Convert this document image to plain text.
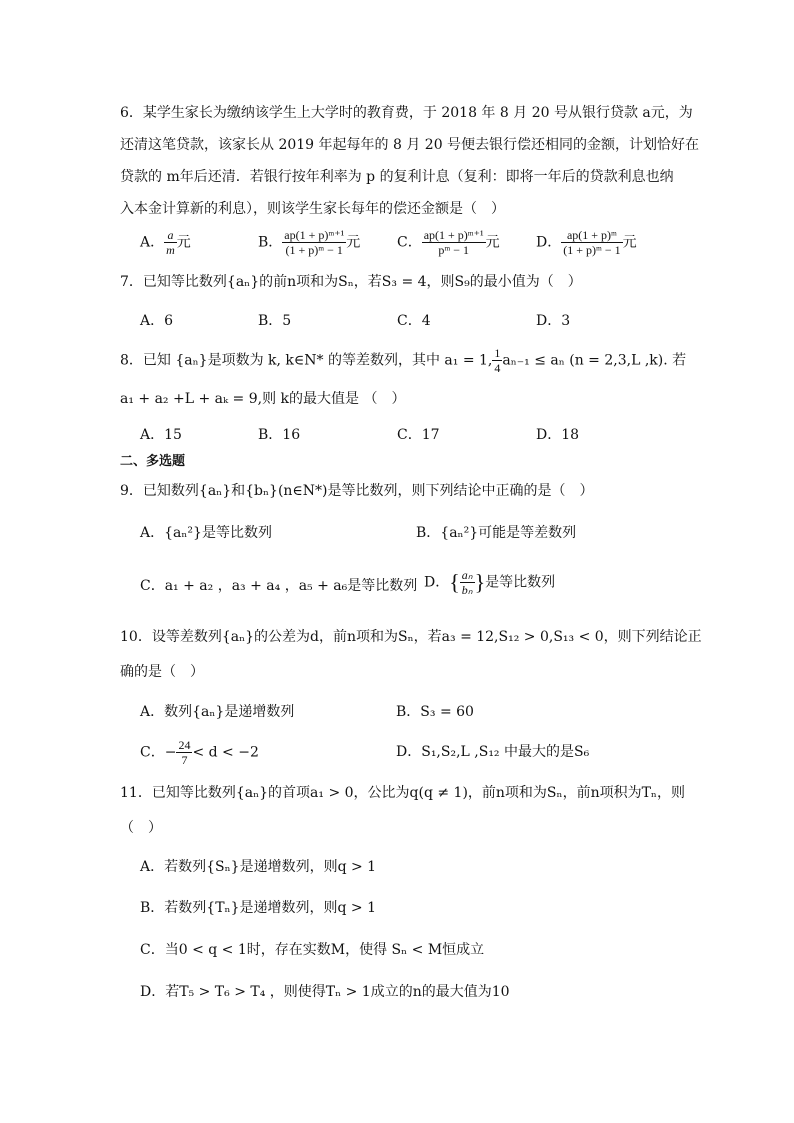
6．某学生家长为缴纳该学生上大学时的教育费，于 2018 年 8 月 20 号从银行贷款 a元，为
还清这笔贷款，该家长从 2019 年起每年的 8 月 20 号便去银行偿还相同的金额，计划恰好在
贷款的 m年后还清．若银行按年利率为 p 的复利计息（复利：即将一年后的贷款利息也纳
入本金计算新的利息），则该学生家长每年的偿还金额是（　）
A． $\frac{a}{m}$ 元	B． $\frac{\text{ap(1 + p)ᵐ⁺¹}}{\text{(1 + p)ᵐ − 1}}$ 元	C． $\frac{\text{ap(1 + p)ᵐ⁺¹}}{\text{pᵐ − 1}}$ 元	D． $\frac{\text{ap(1 + p)ᵐ}}{\text{(1 + p)ᵐ − 1}}$ 元
7．已知等比数列{aₙ}的前n项和为Sₙ，若S₃ = 4，则S₉的最小值为（　）
A．6	B．5	C．4	D．3
8．已知 {aₙ}是项数为 k, k∈N* 的等差数列，其中 a₁ = 1, $\frac{1}{4} a_{n-1} \le a_n$ (n = 2,3,L ,k). 若
a₁ + a₂ +L + aₖ = 9,则 k的最大值是 （　）
A．15	B．16	C．17	D．18
二、多选题
9．已知数列{aₙ}和{bₙ}(n∈N*)是等比数列，则下列结论中正确的是（　）
A．{aₙ²}是等比数列	B．{aₙ²}可能是等差数列
C．a₁ + a₂ ，a₃ + a₄ ，a₅ + a₆是等比数列 D．{ $\frac{\text{aₙ}}{\text{bₙ}}$ }是等比数列
10．设等差数列{aₙ}的公差为d，前n项和为Sₙ，若a₃ = 12,S₁₂ > 0,S₁₃ < 0，则下列结论正
确的是（　）
A．数列{aₙ}是递增数列	B．S₃ = 60
C．− $\frac{24}{7} < d < -2$	D．S₁,S₂,L ,S₁₂ 中最大的是S₆
11．已知等比数列{aₙ}的首项a₁ > 0，公比为q(q ≠ 1)，前n项和为Sₙ，前n项积为Tₙ，则
（　）
A．若数列{Sₙ}是递增数列，则q > 1
B．若数列{Tₙ}是递增数列，则q > 1
C．当0 < q < 1时，存在实数M，使得 Sₙ < M恒成立
D．若T₅ > T₆ > T₄ ，则使得Tₙ > 1成立的n的最大值为10
